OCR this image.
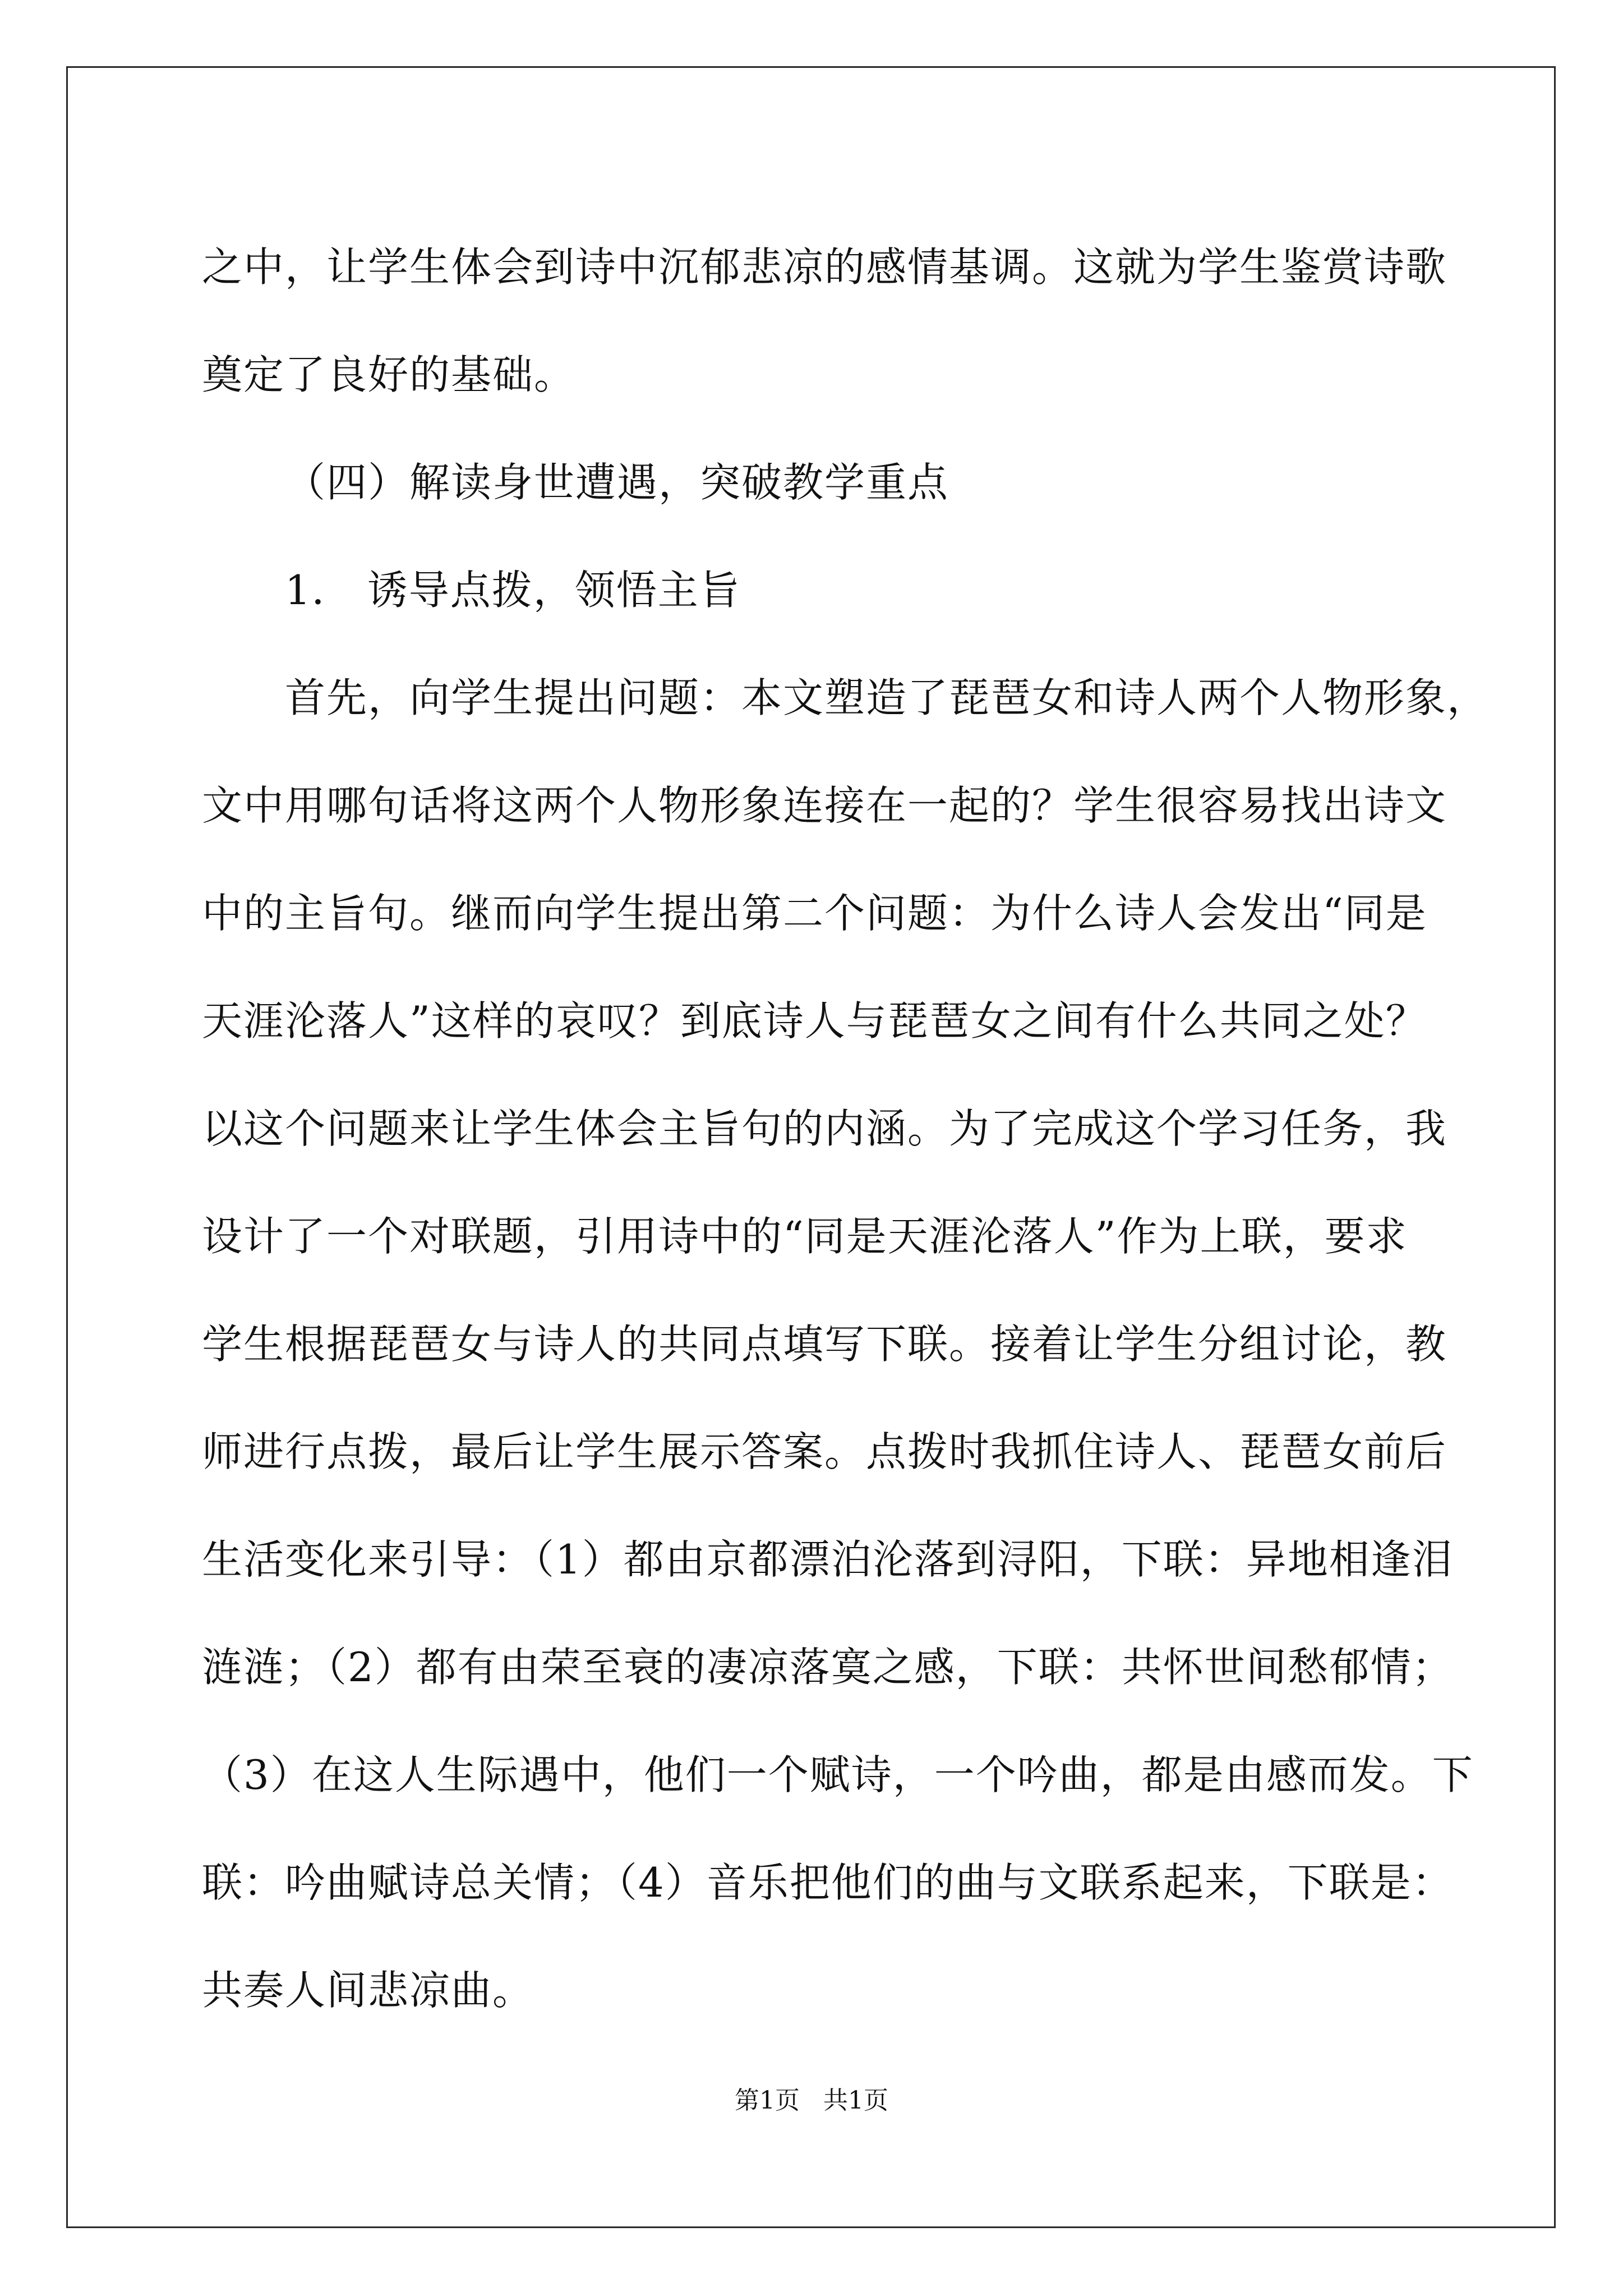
之中，让学生体会到诗中沉郁悲凉的感情基调。这就为学生鉴赏诗歌
奠定了良好的基础。
（四）解读身世遭遇，突破教学重点
1． 诱导点拨，领悟主旨
首先，向学生提出问题：本文塑造了琵琶女和诗人两个人物形象，
文中用哪句话将这两个人物形象连接在一起的？学生很容易找出诗文
中的主旨句。继而向学生提出第二个问题：为什么诗人会发出“同是
天涯沦落人”这样的哀叹？到底诗人与琵琶女之间有什么共同之处？
以这个问题来让学生体会主旨句的内涵。为了完成这个学习任务，我
设计了一个对联题，引用诗中的“同是天涯沦落人”作为上联，要求
学生根据琵琶女与诗人的共同点填写下联。接着让学生分组讨论，教
师进行点拨，最后让学生展示答案。点拨时我抓住诗人、琵琶女前后
生活变化来引导：（1）都由京都漂泊沦落到浔阳，下联：异地相逢泪
涟涟；（2）都有由荣至衰的凄凉落寞之感，下联：共怀世间愁郁情；
（3）在这人生际遇中，他们一个赋诗，一个吟曲，都是由感而发。下
联：吟曲赋诗总关情；（4）音乐把他们的曲与文联系起来，下联是：
共奏人间悲凉曲。
第1页   共1页
